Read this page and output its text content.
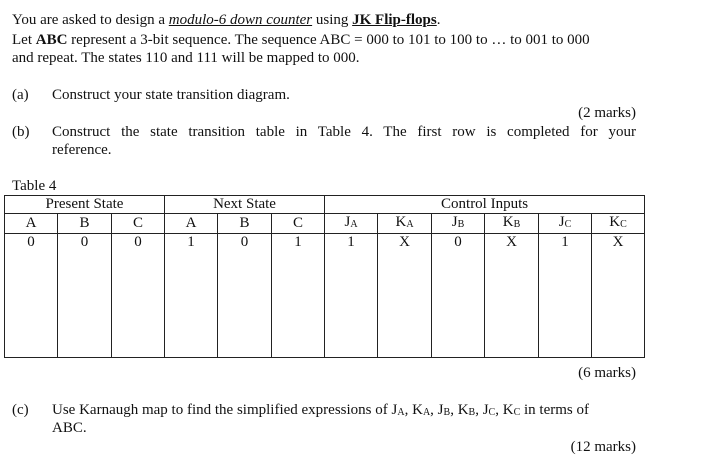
You are asked to design a modulo-6 down counter using JK Flip-flops.
Let ABC represent a 3-bit sequence. The sequence ABC = 000 to 101 to 100 to … to 001 to 000
and repeat. The states 110 and 111 will be mapped to 000.
(a) Construct your state transition diagram.
(2 marks)
(b) Construct the state transition table in Table 4. The first row is completed for your
reference.
Table 4
Present State			Next State			Control Inputs					
A	B	C	A	B	C	$J_A$	$K_A$	$J_B$	$K_B$	$J_C$	$K_C$
0	0	0	1	0	1	1	X	0	X	1	X

(6 marks)
(c) Use Karnaugh map to find the simplified expressions of $J_A$, $K_A$, $J_B$, $K_B$, $J_C$, $K_C$ in terms of
ABC.
(12 marks)
